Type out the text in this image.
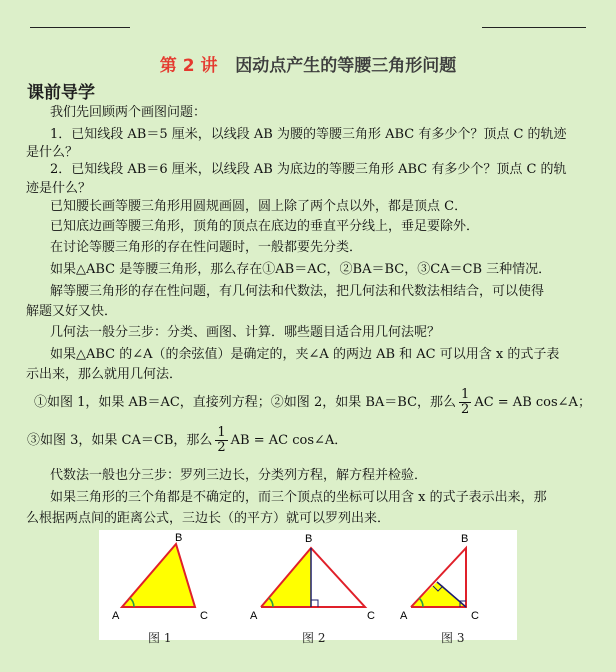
第 2 讲 因动点产生的等腰三角形问题
课前导学
我们先回顾两个画图问题：
1．已知线段 AB＝5 厘米，以线段 AB 为腰的等腰三角形 ABC 有多少个？顶点 C 的轨迹
是什么？
2．已知线段 AB＝6 厘米，以线段 AB 为底边的等腰三角形 ABC 有多少个？顶点 C 的轨
迹是什么？
已知腰长画等腰三角形用圆规画圆，圆上除了两个点以外，都是顶点 C．
已知底边画等腰三角形，顶角的顶点在底边的垂直平分线上，垂足要除外．
在讨论等腰三角形的存在性问题时，一般都要先分类．
如果△ABC 是等腰三角形，那么存在①AB＝AC，②BA＝BC，③CA＝CB 三种情况．
解等腰三角形的存在性问题，有几何法和代数法，把几何法和代数法相结合，可以使得
解题又好又快．
几何法一般分三步：分类、画图、计算．哪些题目适合用几何法呢？
如果△ABC 的∠A（的余弦值）是确定的，夹∠A 的两边 AB 和 AC 可以用含 x 的式子表
示出来，那么就用几何法．
①如图 1，如果 AB＝AC，直接列方程；②如图 2，如果 BA＝BC，那么 $\frac{1}{2}$ AC = AB cos∠A；
③如图 3，如果 CA＝CB，那么 $\frac{1}{2}$ AB = AC cos∠A．
代数法一般也分三步：罗列三边长，分类列方程，解方程并检验．
如果三角形的三个角都是不确定的，而三个顶点的坐标可以用含 x 的式子表示出来，那
么根据两点间的距离公式，三边长（的平方）就可以罗列出来．
A
B
C	A
B
C A
B
C
图 1	图 2	图 3
